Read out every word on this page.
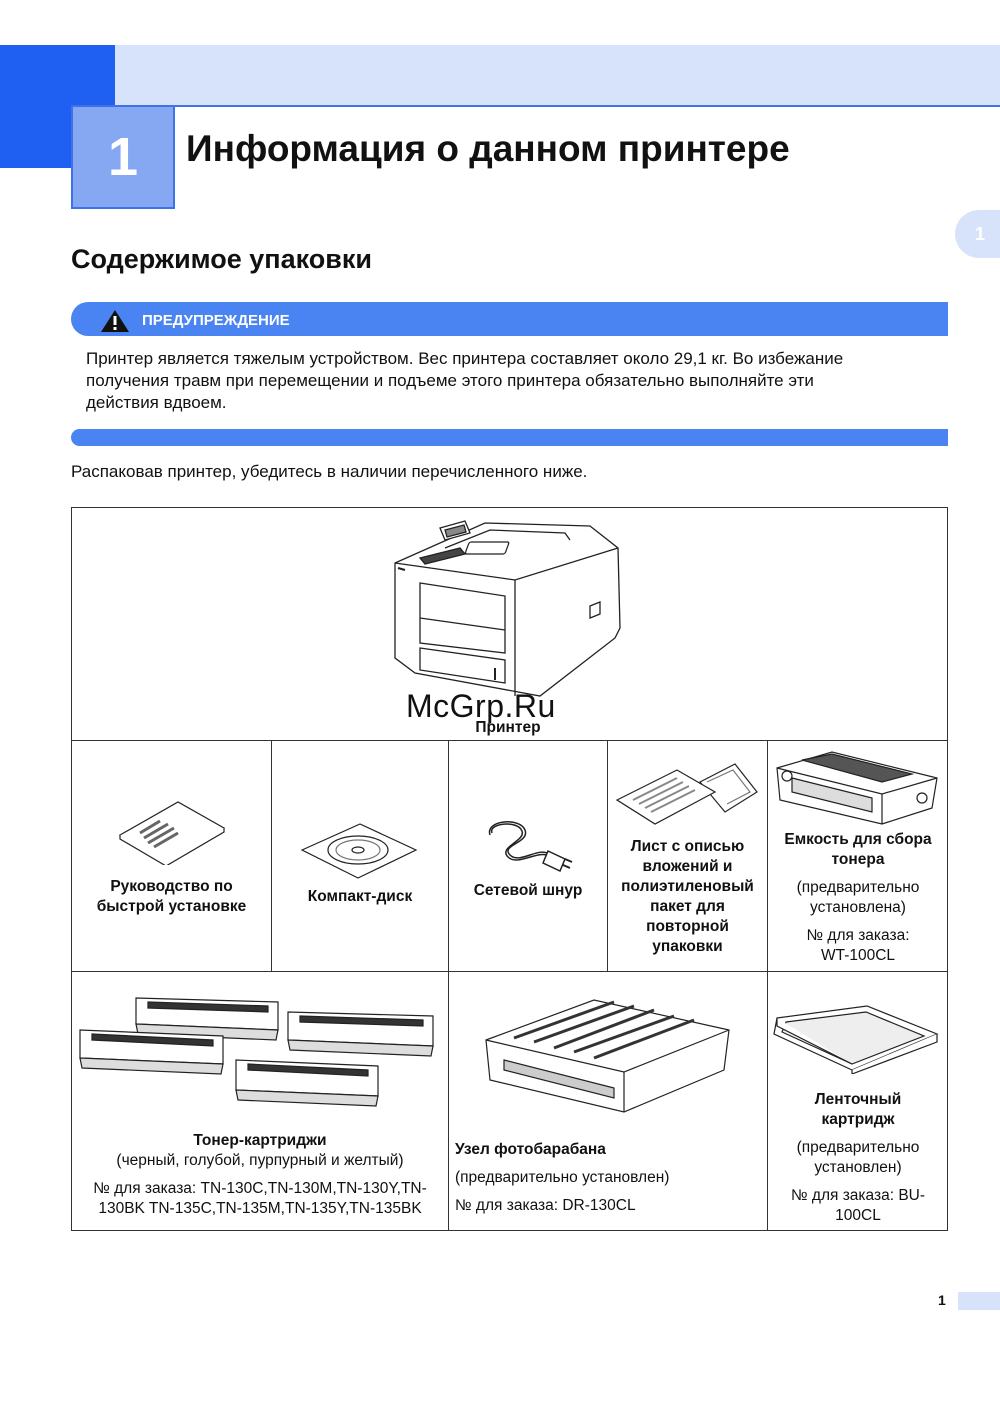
1	Информация о данном принтере
1
Содержимое упаковки
ПРЕДУПРЕЖДЕНИЕ
Принтер является тяжелым устройством. Вес принтера составляет около 29,1 кг. Во избежание
получения травм при перемещении и подъеме этого принтера обязательно выполняйте эти
действия вдвоем.
Распаковав принтер, убедитесь в наличии перечисленного ниже.
Принтер
McGrp.Ru
Руководство по
быстрой установке
Компакт-диск	Сетевой шнур
Лист с описью
вложений и
полиэтиленовый
пакет для
повторной
упаковки
Емкость для сбора
тонера
(предварительно
установлена)
№ для заказа:
WT-100CL
Тонер-картриджи
(черный, голубой, пурпурный и желтый)
№ для заказа: TN-130C,TN-130M,TN-130Y,TN-
130BK TN-135C,TN-135M,TN-135Y,TN-135BK
Узел фотобарабана
(предварительно установлен)
№ для заказа: DR-130CL
Ленточный
картридж
(предварительно
установлен)
№ для заказа: BU-
100CL
1
